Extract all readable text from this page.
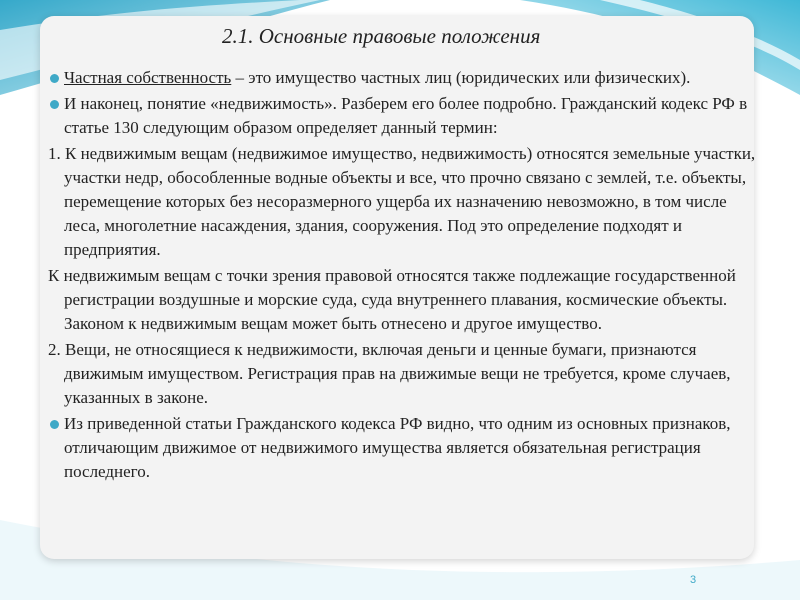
2.1. Основные правовые положения

Частная собственность – это имущество частных лиц (юридических или физических).

И наконец, понятие «недвижимость». Разберем его более подробно. Гражданский кодекс РФ в статье 130 следующим образом определяет данный термин:

1. К недвижимым вещам (недвижимое имущество, недвижимость) относятся земельные участки, участки недр, обособленные водные объекты и все, что прочно связано с землей, т.е. объекты, перемещение которых без несоразмерного ущерба их назначению невозможно, в том числе леса, многолетние насаждения, здания, сооружения. Под это определение подходят и предприятия.

К недвижимым вещам с точки зрения правовой относятся также подлежащие государственной регистрации воздушные и морские суда, суда внутреннего плавания, космические объекты. Законом к недвижимым вещам может быть отнесено и другое имущество.

2. Вещи, не относящиеся к недвижимости, включая деньги и ценные бумаги, признаются движимым имуществом. Регистрация прав на движимые вещи не требуется, кроме случаев, указанных в законе.

Из приведенной статьи Гражданского кодекса РФ видно, что одним из основных признаков, отличающим движимое от недвижимого имущества является обязательная регистрация последнего.

3
